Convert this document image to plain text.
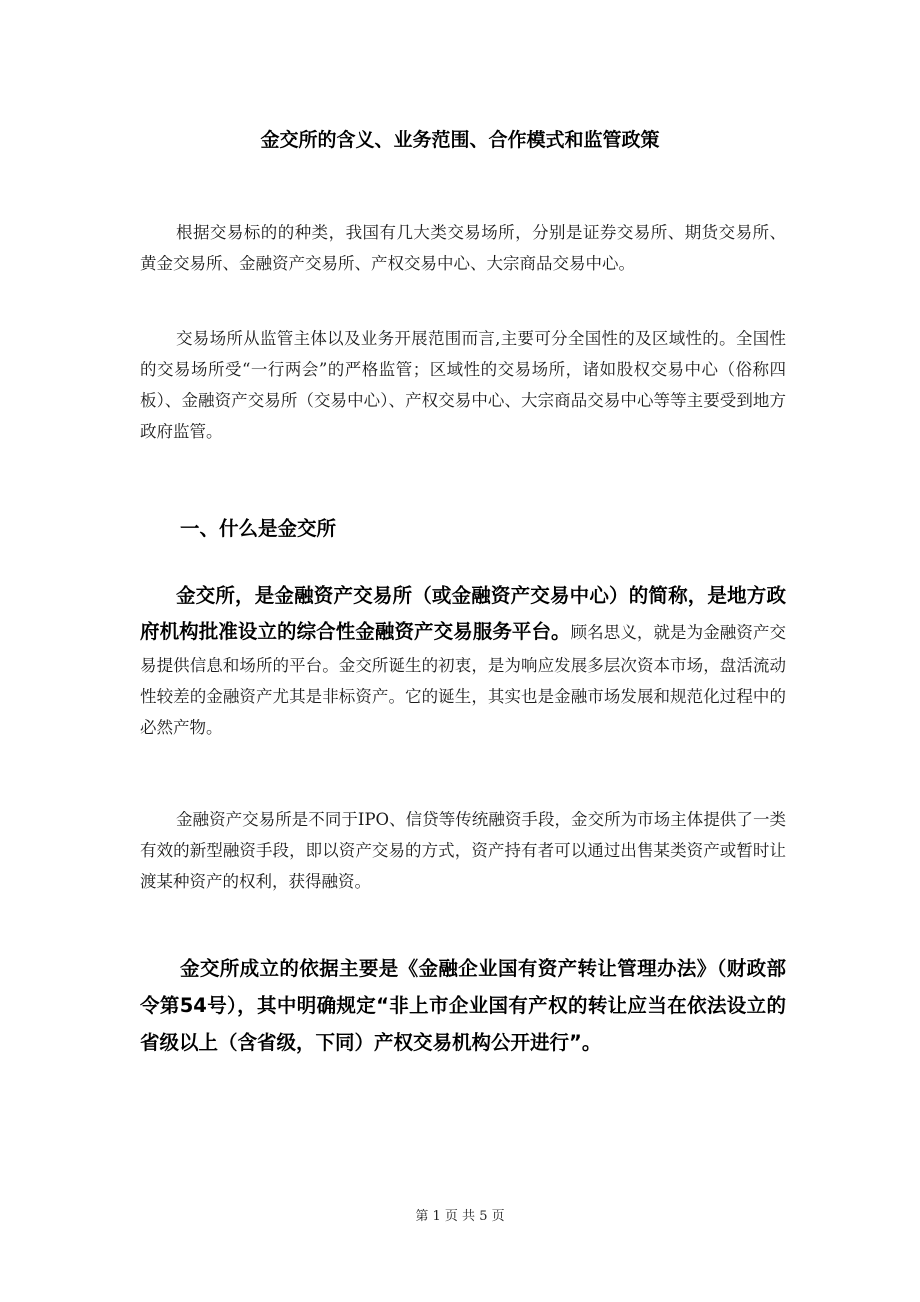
金交所的含义、业务范围、合作模式和监管政策

根据交易标的的种类，我国有几大类交易场所，分别是证券交易所、期货交易所、黄金交易所、金融资产交易所、产权交易中心、大宗商品交易中心。

交易场所从监管主体以及业务开展范围而言,主要可分全国性的及区域性的。全国性的交易场所受“一行两会”的严格监管；区域性的交易场所，诸如股权交易中心（俗称四板）、金融资产交易所（交易中心）、产权交易中心、大宗商品交易中心等等主要受到地方政府监管。

一、什么是金交所

金交所，是金融资产交易所（或金融资产交易中心）的简称，是地方政府机构批准设立的综合性金融资产交易服务平台。顾名思义，就是为金融资产交易提供信息和场所的平台。金交所诞生的初衷，是为响应发展多层次资本市场，盘活流动性较差的金融资产尤其是非标资产。它的诞生，其实也是金融市场发展和规范化过程中的必然产物。

金融资产交易所是不同于IPO、信贷等传统融资手段，金交所为市场主体提供了一类有效的新型融资手段，即以资产交易的方式，资产持有者可以通过出售某类资产或暂时让渡某种资产的权利，获得融资。

金交所成立的依据主要是《金融企业国有资产转让管理办法》（财政部令第54号），其中明确规定“非上市企业国有产权的转让应当在依法设立的省级以上（含省级，下同）产权交易机构公开进行”。

第 1 页 共 5 页
